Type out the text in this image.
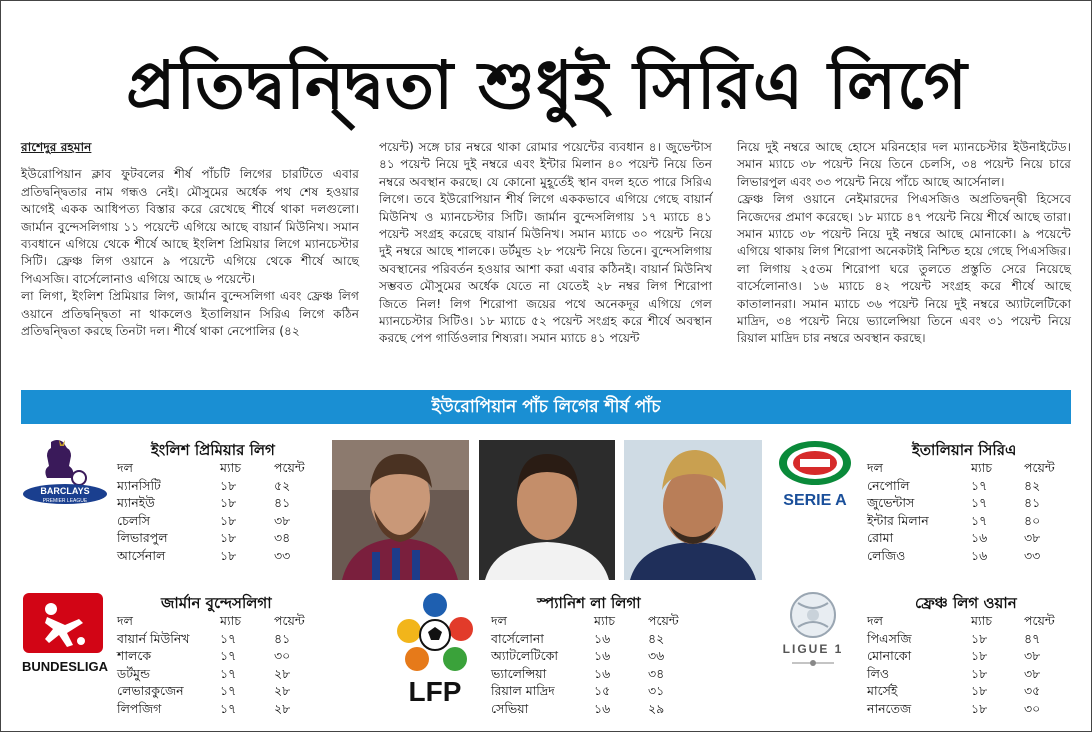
প্রতিদ্বন্দ্বিতা শুধুই সিরিএ লিগে

রাশেদুর রহমান

ইউরোপিয়ান ক্লাব ফুটবলের শীর্ষ পাঁচটি লিগের চারটিতে এবার প্রতিদ্বন্দ্বিতার নাম গন্ধও নেই। মৌসুমের অর্ধেক পথ শেষ হওয়ার আগেই একক আধিপত্য বিস্তার করে রেখেছে শীর্ষে থাকা দলগুলো। জার্মান বুন্দেসলিগায় ১১ পয়েন্টে এগিয়ে আছে বায়ার্ন মিউনিখ। সমান ব্যবধানে এগিয়ে থেকে শীর্ষে আছে ইংলিশ প্রিমিয়ার লিগে ম্যানচেস্টার সিটি। ফ্রেঞ্চ লিগ ওয়ানে ৯ পয়েন্টে এগিয়ে থেকে শীর্ষে আছে পিএসজি। বার্সেলোনাও এগিয়ে আছে ৬ পয়েন্টে।

লা লিগা, ইংলিশ প্রিমিয়ার লিগ, জার্মান বুন্দেসলিগা এবং ফ্রেঞ্চ লিগ ওয়ানে প্রতিদ্বন্দ্বিতা না থাকলেও ইতালিয়ান সিরিএ লিগে কঠিন প্রতিদ্বন্দ্বিতা করছে তিনটা দল। শীর্ষে থাকা নেপোলির (৪২

পয়েন্ট) সঙ্গে চার নম্বরে থাকা রোমার পয়েন্টের ব্যবধান ৪। জুভেন্টাস ৪১ পয়েন্ট নিয়ে দুই নম্বরে এবং ইন্টার মিলান ৪০ পয়েন্ট নিয়ে তিন নম্বরে অবস্থান করছে। যে কোনো মুহূর্তেই স্থান বদল হতে পারে সিরিএ লিগে। তবে ইউরোপিয়ান শীর্ষ লিগে এককভাবে এগিয়ে গেছে বায়ার্ন মিউনিখ ও ম্যানচেস্টার সিটি। জার্মান বুন্দেসলিগায় ১৭ ম্যাচে ৪১ পয়েন্ট সংগ্রহ করেছে বায়ার্ন মিউনিখ। সমান ম্যাচে ৩০ পয়েন্ট নিয়ে দুই নম্বরে আছে শালকে। ডর্টমুন্ড ২৮ পয়েন্ট নিয়ে তিনে। বুন্দেসলিগায় অবস্থানের পরিবর্তন হওয়ার আশা করা এবার কঠিনই। বায়ার্ন মিউনিখ সম্ভবত মৌসুমের অর্ধেক যেতে না যেতেই ২৮ নম্বর লিগ শিরোপা জিতে নিল! লিগ শিরোপা জয়ের পথে অনেকদূর এগিয়ে গেল ম্যানচেস্টার সিটিও। ১৮ ম্যাচে ৫২ পয়েন্ট সংগ্রহ করে শীর্ষে অবস্থান করছে পেপ গার্ডিওলার শিষ্যরা। সমান ম্যাচে ৪১ পয়েন্ট

নিয়ে দুই নম্বরে আছে হোসে মরিনহোর দল ম্যানচেস্টার ইউনাইটেড। সমান ম্যাচে ৩৮ পয়েন্ট নিয়ে তিনে চেলসি, ৩৪ পয়েন্ট নিয়ে চারে লিভারপুল এবং ৩৩ পয়েন্ট নিয়ে পাঁচে আছে আর্সেনাল।

ফ্রেঞ্চ লিগ ওয়ানে নেইমারদের পিএসজিও অপ্রতিদ্বন্দ্বী হিসেবে নিজেদের প্রমাণ করেছে। ১৮ ম্যাচে ৪৭ পয়েন্ট নিয়ে শীর্ষে আছে তারা। সমান ম্যাচে ৩৮ পয়েন্ট নিয়ে দুই নম্বরে আছে মোনাকো। ৯ পয়েন্টে এগিয়ে থাকায় লিগ শিরোপা অনেকটাই নিশ্চিত হয়ে গেছে পিএসজির। লা লিগায় ২৫তম শিরোপা ঘরে তুলতে প্রস্তুতি সেরে নিয়েছে বার্সেলোনাও। ১৬ ম্যাচে ৪২ পয়েন্ট সংগ্রহ করে শীর্ষে আছে কাতালানরা। সমান ম্যাচে ৩৬ পয়েন্ট নিয়ে দুই নম্বরে অ্যাটলেটিকো মাদ্রিদ, ৩৪ পয়েন্ট নিয়ে ভ্যালেন্সিয়া তিনে এবং ৩১ পয়েন্ট নিয়ে রিয়াল মাদ্রিদ চার নম্বরে অবস্থান করছে।

ইউরোপিয়ান পাঁচ লিগের শীর্ষ পাঁচ
BARCLAYS
PREMIER LEAGUE
ইংলিশ প্রিমিয়ার লিগ
দল	ম্যাচ	পয়েন্ট
ম্যানসিটি	১৮	৫২
ম্যানইউ	১৮	৪১
চেলসি	১৮	৩৮
লিভারপুল	১৮	৩৪
আর্সেনাল	১৮	৩৩
SERIE A
ইতালিয়ান সিরিএ
দল	ম্যাচ	পয়েন্ট
নেপোলি	১৭	৪২
জুভেন্টাস	১৭	৪১
ইন্টার মিলান	১৭	৪০
রোমা	১৬	৩৮
লেজিও	১৬	৩৩
BUNDESLIGA
জার্মান বুন্দেসলিগা
দল	ম্যাচ	পয়েন্ট
বায়ার্ন মিউনিখ	১৭	৪১
শালকে	১৭	৩০
ডর্টমুন্ড	১৭	২৮
লেভারকুজেন	১৭	২৮
লিপজিগ	১৭	২৮
LFP
স্প্যানিশ লা লিগা
দল	ম্যাচ	পয়েন্ট
বার্সেলোনা	১৬	৪২
অ্যাটলেটিকো	১৬	৩৬
ভ্যালেন্সিয়া	১৬	৩৪
রিয়াল মাদ্রিদ	১৫	৩১
সেভিয়া	১৬	২৯
LIGUE 1
ফ্রেঞ্চ লিগ ওয়ান
দল	ম্যাচ	পয়েন্ট
পিএসজি	১৮	৪৭
মোনাকো	১৮	৩৮
লিও	১৮	৩৮
মার্সেই	১৮	৩৫
নানতেজ	১৮	৩০
